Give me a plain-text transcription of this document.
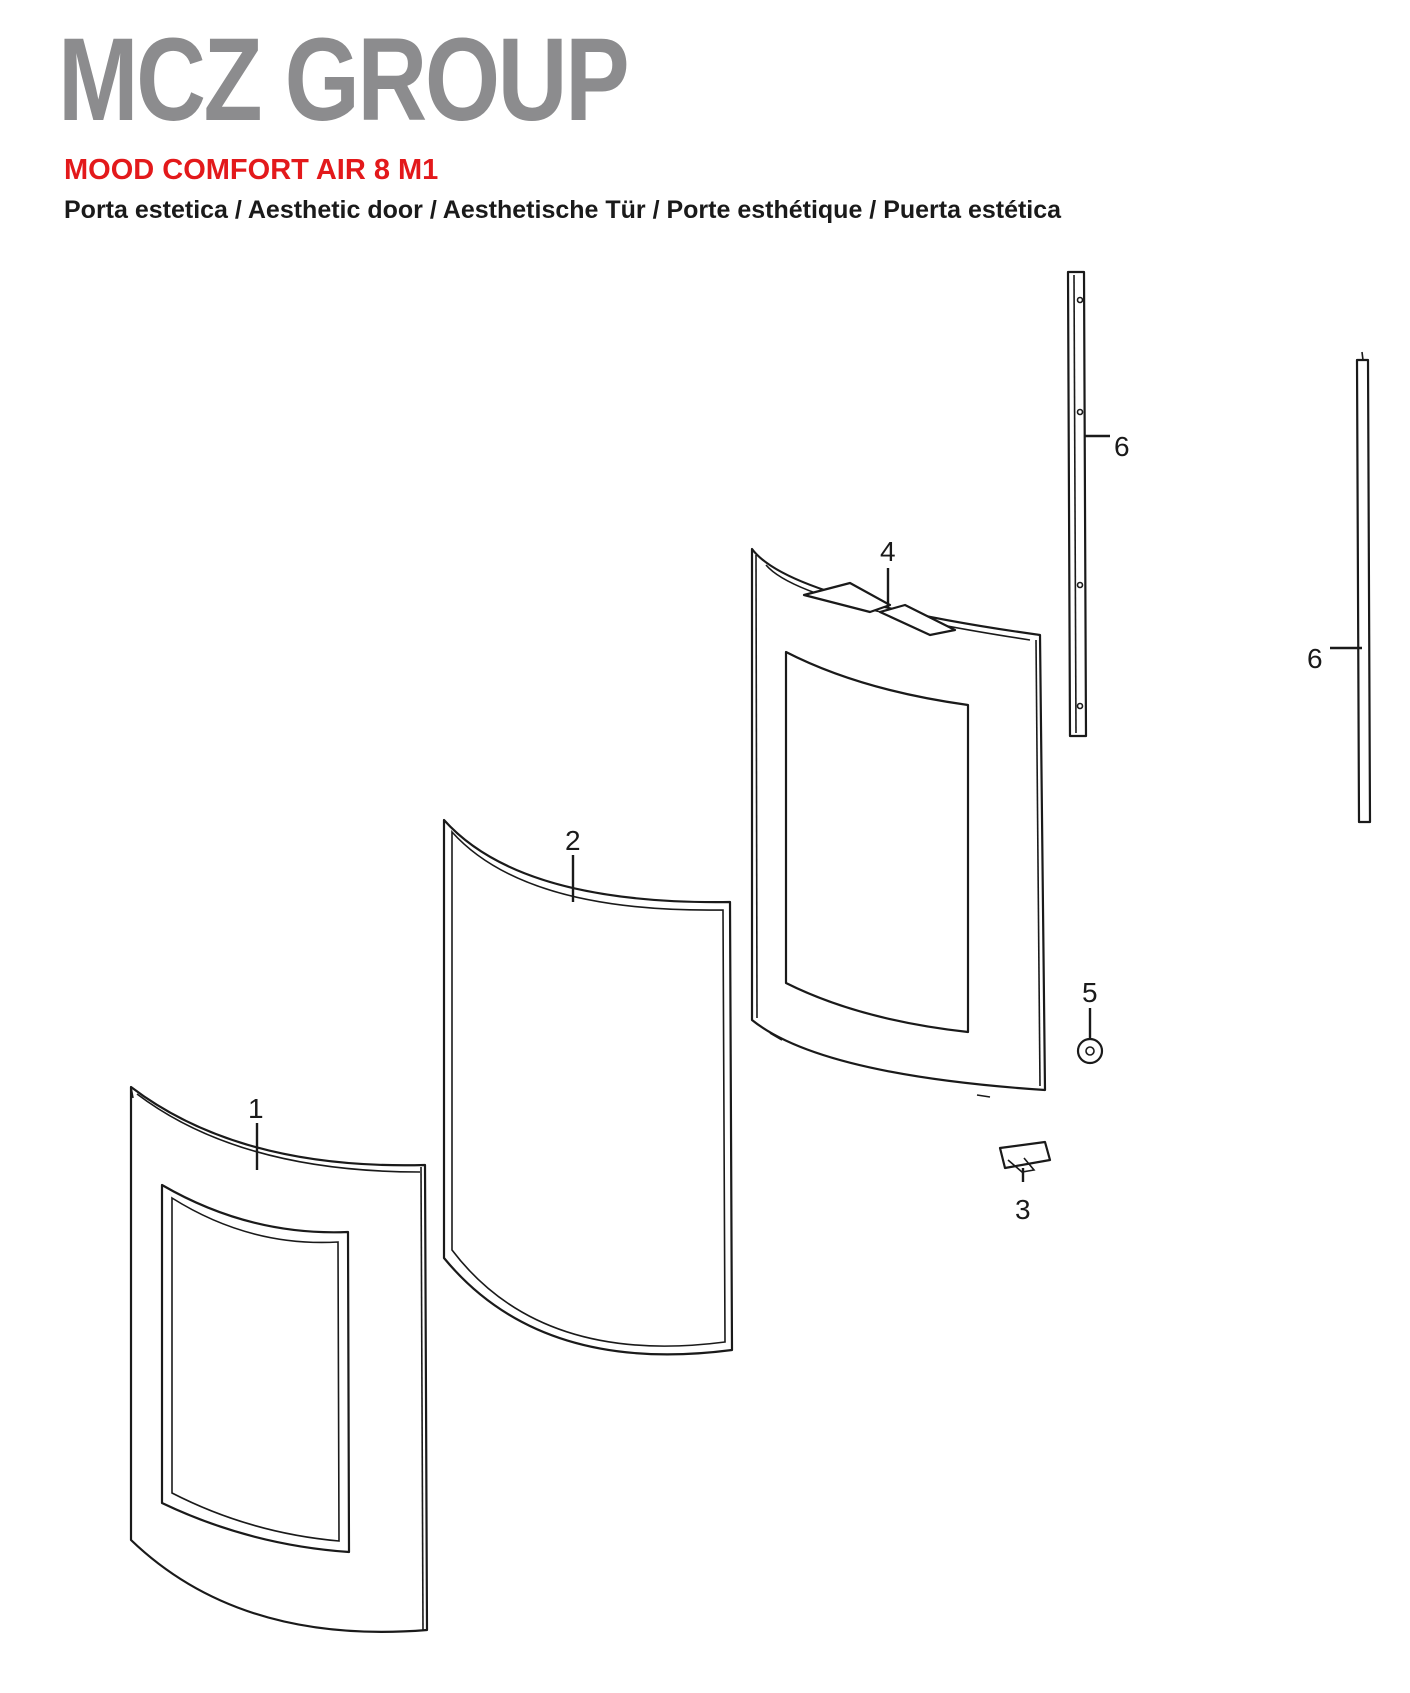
MCZ GROUP
MOOD COMFORT AIR 8 M1
Porta estetica / Aesthetic door / Aesthetische Tür / Porte esthétique / Puerta estética
1
2
3
4
5
6
6
